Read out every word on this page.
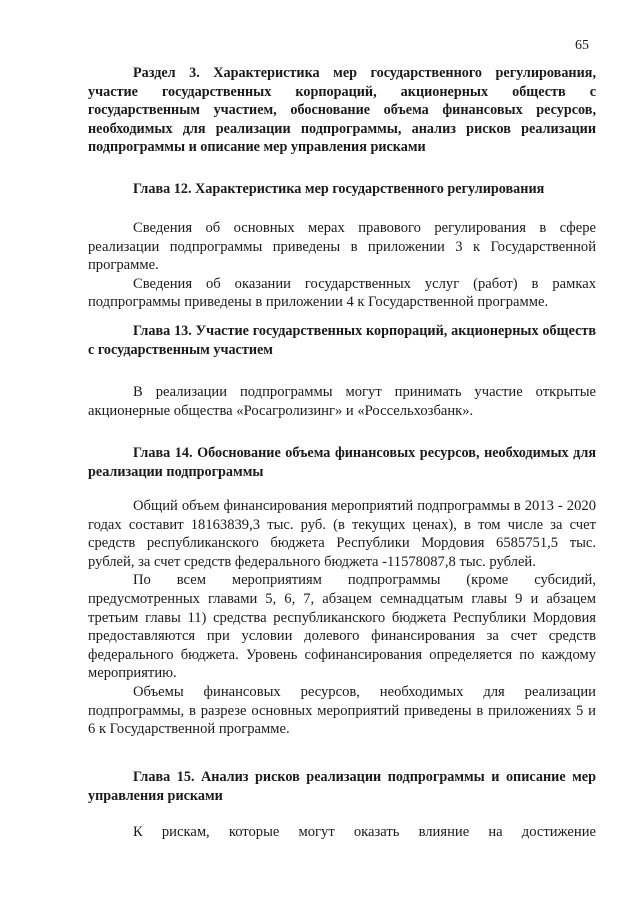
65

Раздел 3. Характеристика мер государственного регулирования, участие государственных корпораций, акционерных обществ с государственным участием, обоснование объема финансовых ресурсов, необходимых для реализации подпрограммы, анализ рисков реализации подпрограммы и описание мер управления рисками

Глава 12. Характеристика мер государственного регулирования

Сведения об основных мерах правового регулирования в сфере реализации подпрограммы приведены в приложении 3 к Государственной программе.

Сведения об оказании государственных услуг (работ) в рамках подпрограммы приведены в приложении 4 к Государственной программе.

Глава 13. Участие государственных корпораций, акционерных обществ с государственным участием

В реализации подпрограммы могут принимать участие открытые акционерные общества «Росагролизинг» и «Россельхозбанк».

Глава 14. Обоснование объема финансовых ресурсов, необходимых для реализации подпрограммы

Общий объем финансирования мероприятий подпрограммы в 2013 - 2020 годах составит 18163839,3 тыс. руб. (в текущих ценах), в том числе за счет средств республиканского бюджета Республики Мордовия 6585751,5 тыс. рублей, за счет средств федерального бюджета -11578087,8 тыс. рублей.

По всем мероприятиям подпрограммы (кроме субсидий, предусмотренных главами 5, 6, 7, абзацем семнадцатым главы 9 и абзацем третьим главы 11) средства республиканского бюджета Республики Мордовия предоставляются при условии долевого финансирования за счет средств федерального бюджета. Уровень софинансирования определяется по каждому мероприятию.

Объемы финансовых ресурсов, необходимых для реализации подпрограммы, в разрезе основных мероприятий приведены в приложениях 5 и 6 к Государственной программе.

Глава 15. Анализ рисков реализации подпрограммы и описание мер управления рисками

К рискам, которые могут оказать влияние на достижение
